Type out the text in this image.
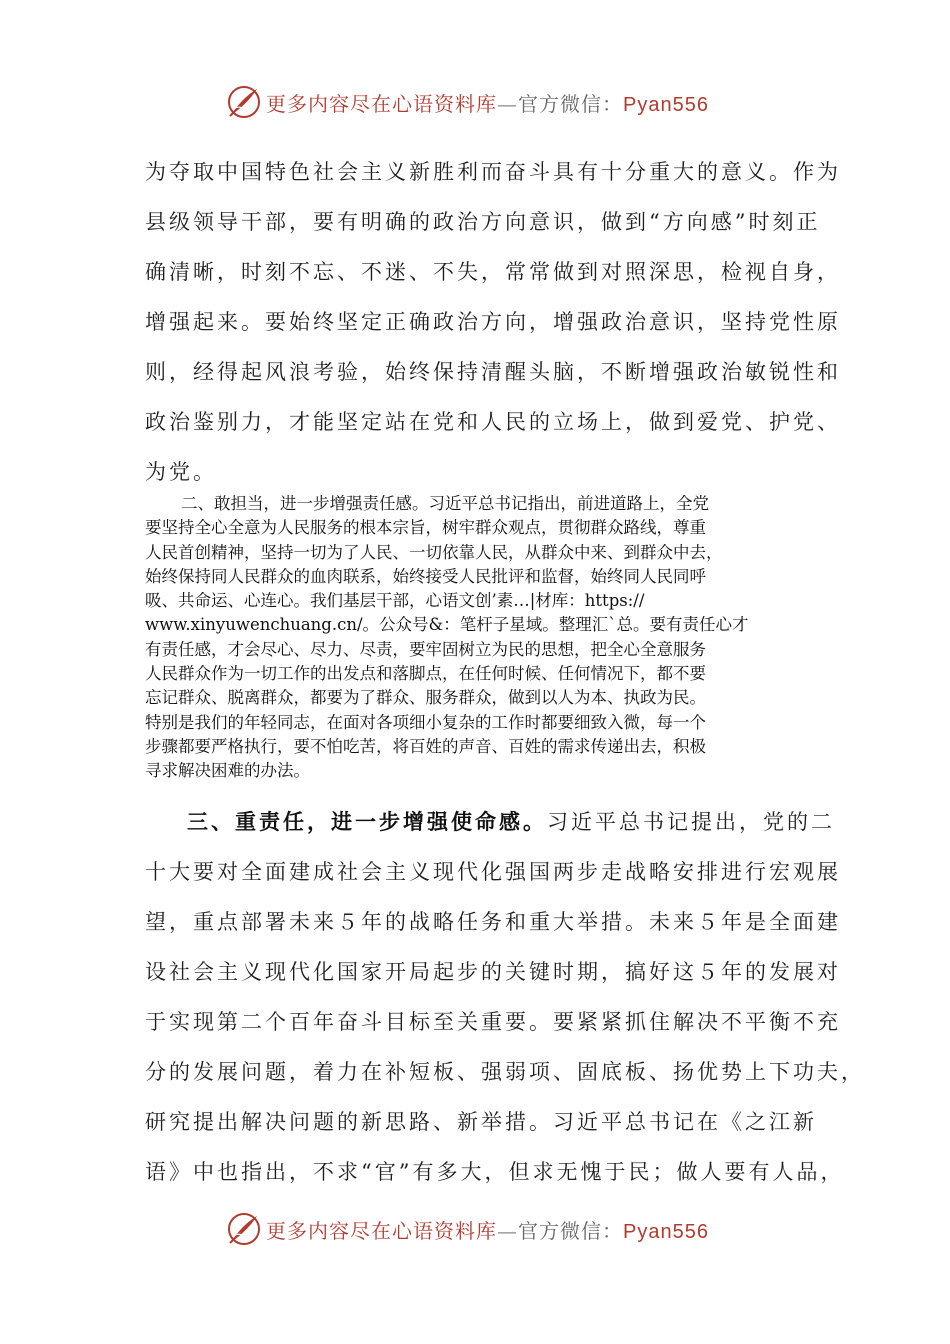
更多内容尽在心语资料库—官方微信：Pyan556
为夺取中国特色社会主义新胜利而奋斗具有十分重大的意义。作为
县级领导干部，要有明确的政治方向意识，做到“方向感”时刻正
确清晰，时刻不忘、不迷、不失，常常做到对照深思，检视自身，
增强起来。要始终坚定正确政治方向，增强政治意识，坚持党性原
则，经得起风浪考验，始终保持清醒头脑，不断增强政治敏锐性和
政治鉴别力，才能坚定站在党和人民的立场上，做到爱党、护党、
为党。
二、敢担当，进一步增强责任感。习近平总书记指出，前进道路上，全党
要坚持全心全意为人民服务的根本宗旨，树牢群众观点，贯彻群众路线，尊重
人民首创精神，坚持一切为了人民、一切依靠人民，从群众中来、到群众中去，
始终保持同人民群众的血肉联系，始终接受人民批评和监督，始终同人民同呼
吸、共命运、心连心。我们基层干部，心语文创’素…|材库：https://
www.xinyuwenchuang.cn/。公众号&：笔杆子星域。整理汇`总。要有责任心才
有责任感，才会尽心、尽力、尽责，要牢固树立为民的思想，把全心全意服务
人民群众作为一切工作的出发点和落脚点，在任何时候、任何情况下，都不要
忘记群众、脱离群众，都要为了群众、服务群众，做到以人为本、执政为民。
特别是我们的年轻同志，在面对各项细小复杂的工作时都要细致入微，每一个
步骤都要严格执行，要不怕吃苦，将百姓的声音、百姓的需求传递出去，积极
寻求解决困难的办法。
三、重责任，进一步增强使命感。习近平总书记提出，党的二
十大要对全面建成社会主义现代化强国两步走战略安排进行宏观展
望，重点部署未来５年的战略任务和重大举措。未来５年是全面建
设社会主义现代化国家开局起步的关键时期，搞好这５年的发展对
于实现第二个百年奋斗目标至关重要。要紧紧抓住解决不平衡不充
分的发展问题，着力在补短板、强弱项、固底板、扬优势上下功夫，
研究提出解决问题的新思路、新举措。习近平总书记在《之江新
语》中也指出，不求“官”有多大，但求无愧于民；做人要有人品，
更多内容尽在心语资料库—官方微信：Pyan556
